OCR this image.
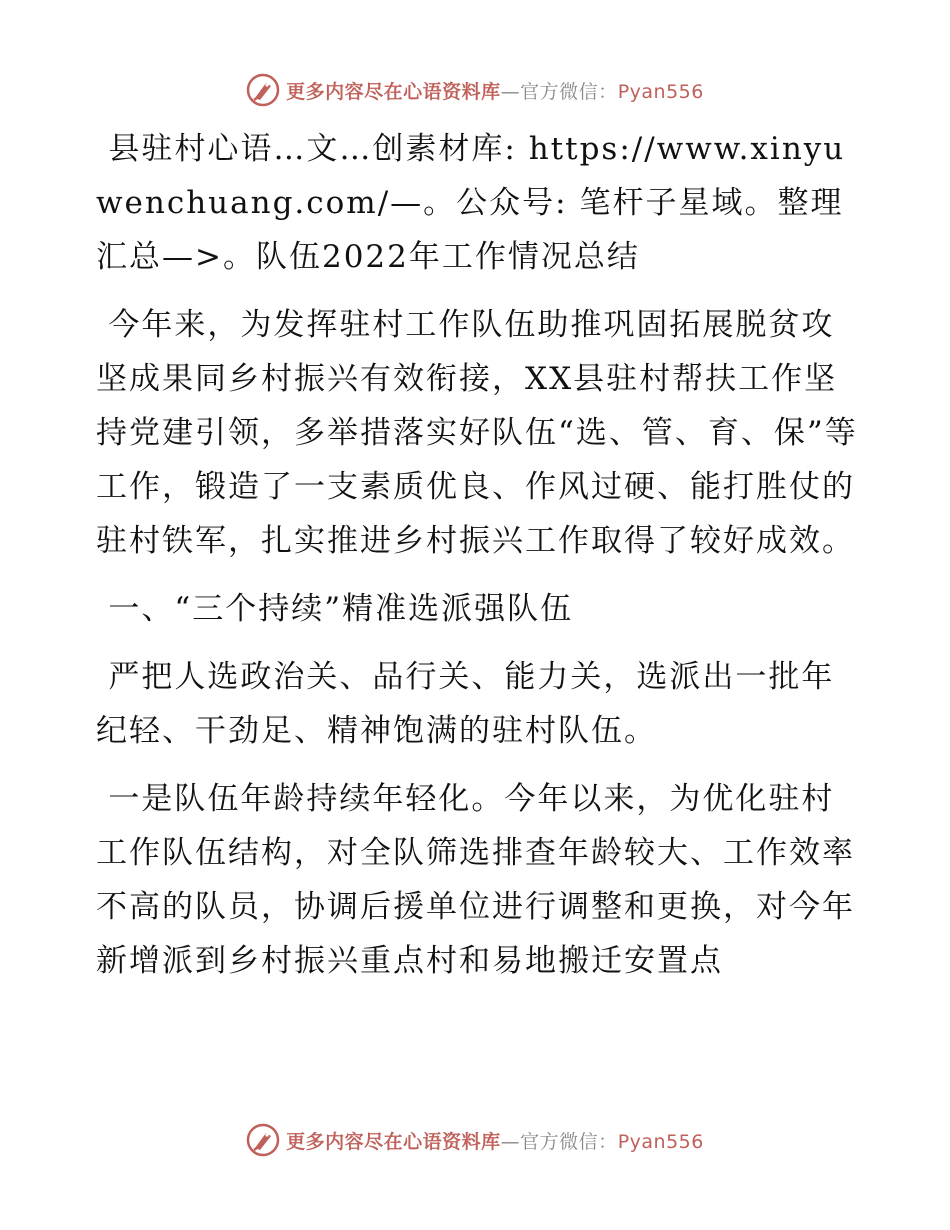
更多内容尽在心语资料库—官方微信：Pyan556

县驻村心语…文…创素材库: https://www.xinyuwenchuang.com/—。公众号: 笔杆子星域。整理汇总—>。队伍2022年工作情况总结

今年来，为发挥驻村工作队伍助推巩固拓展脱贫攻坚成果同乡村振兴有效衔接，XX县驻村帮扶工作坚持党建引领，多举措落实好队伍“选、管、育、保”等工作，锻造了一支素质优良、作风过硬、能打胜仗的驻村铁军，扎实推进乡村振兴工作取得了较好成效。

一、“三个持续”精准选派强队伍

严把人选政治关、品行关、能力关，选派出一批年纪轻、干劲足、精神饱满的驻村队伍。

一是队伍年龄持续年轻化。今年以来，为优化驻村工作队伍结构，对全队筛选排查年龄较大、工作效率不高的队员，协调后援单位进行调整和更换，对今年新增派到乡村振兴重点村和易地搬迁安置点

更多内容尽在心语资料库—官方微信：Pyan556
